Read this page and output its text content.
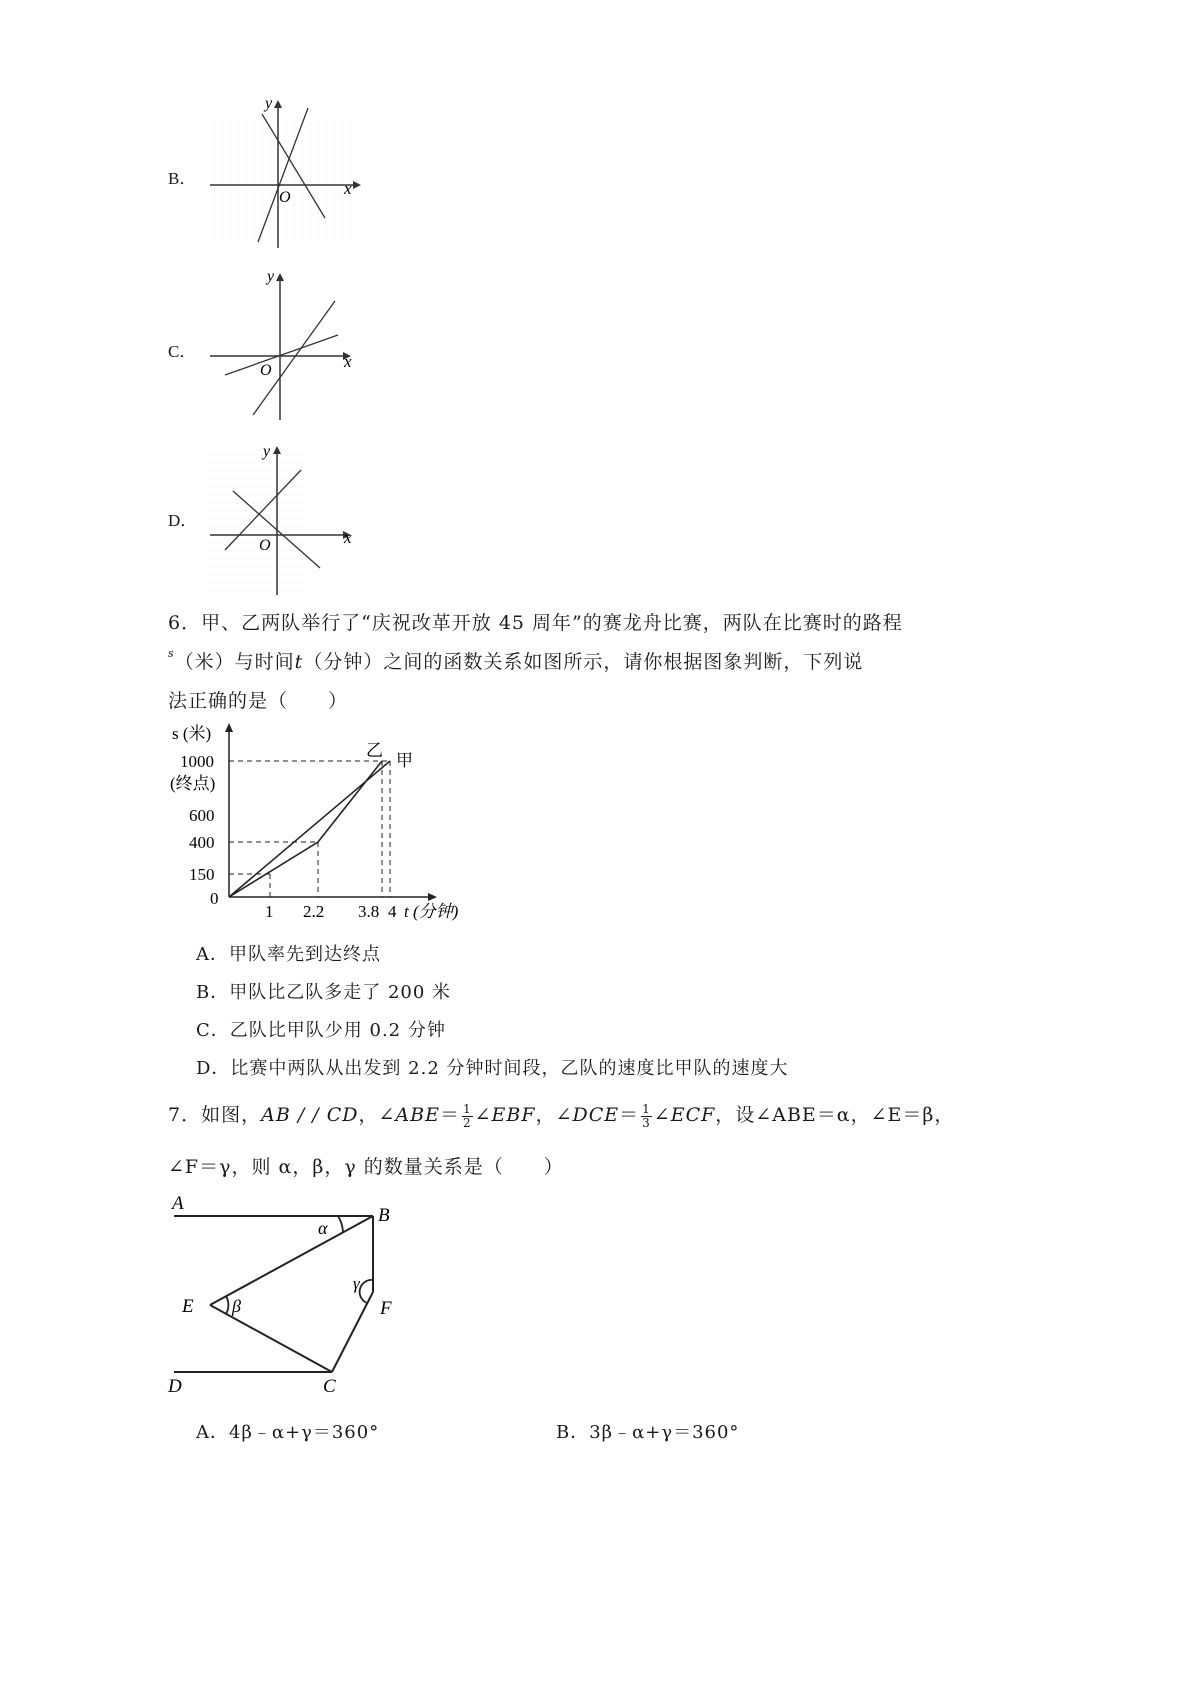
B．
y
x
O
C．
y
x
O
D．
y
x
O
6．甲、乙两队举行了“庆祝改革开放 45 周年”的赛龙舟比赛，两队在比赛时的路程
$^s$（米）与时间t（分钟）之间的函数关系如图所示，请你根据图象判断，下列说
法正确的是（　　）
s (米)
乙
甲
1000
(终点)
600
400
150
0
1 2.2 3.8 4 t (分钟)
A．甲队率先到达终点
B．甲队比乙队多走了 200 米
C．乙队比甲队少用 0.2 分钟
D．比赛中两队从出发到 2.2 分钟时间段，乙队的速度比甲队的速度大
7．如图，AB / / CD，∠ABE＝ $\frac{1}{2}$ ∠EBF，∠DCE＝ $\frac{1}{3}$ ∠ECF，设∠ABE＝α，∠E＝β，
∠F＝γ，则 α，β，γ 的数量关系是（　　）
A
B
E	F
D	C
α
β
γ
A．4β﹣α+γ＝360°	B．3β﹣α+γ＝360°
